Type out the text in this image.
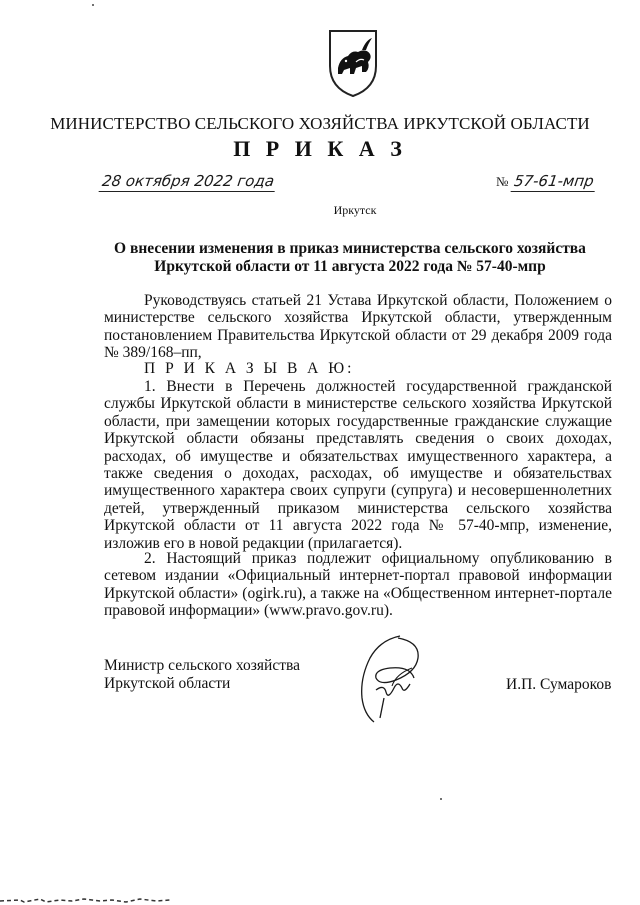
МИНИСТЕРСТВО СЕЛЬСКОГО ХОЗЯЙСТВА ИРКУТСКОЙ ОБЛАСТИ
П Р И К А З
28 октября 2022 года	№ 57-61-мпр
Иркутск
О внесении изменения в приказ министерства сельского хозяйства Иркутской области от 11 августа 2022 года № 57-40-мпр
Руководствуясь статьей 21 Устава Иркутской области, Положением о министерстве сельского хозяйства Иркутской области, утвержденным постановлением Правительства Иркутской области от 29 декабря 2009 года № 389/168–пп,
П Р И К А З Ы В А Ю:
1. Внести в Перечень должностей государственной гражданской службы Иркутской области в министерстве сельского хозяйства Иркутской области, при замещении которых государственные гражданские служащие Иркутской области обязаны представлять сведения о своих доходах, расходах, об имуществе и обязательствах имущественного характера, а также сведения о доходах, расходах, об имуществе и обязательствах имущественного характера своих супруги (супруга) и несовершеннолетних детей, утвержденный приказом министерства сельского хозяйства Иркутской области от 11 августа 2022 года № 57-40-мпр, изменение, изложив его в новой редакции (прилагается).
2. Настоящий приказ подлежит официальному опубликованию в сетевом издании «Официальный интернет-портал правовой информации Иркутской области» (ogirk.ru), а также на «Общественном интернет-портале правовой информации» (www.pravo.gov.ru).
Министр сельского хозяйства
Иркутской области	И.П. Сумароков
